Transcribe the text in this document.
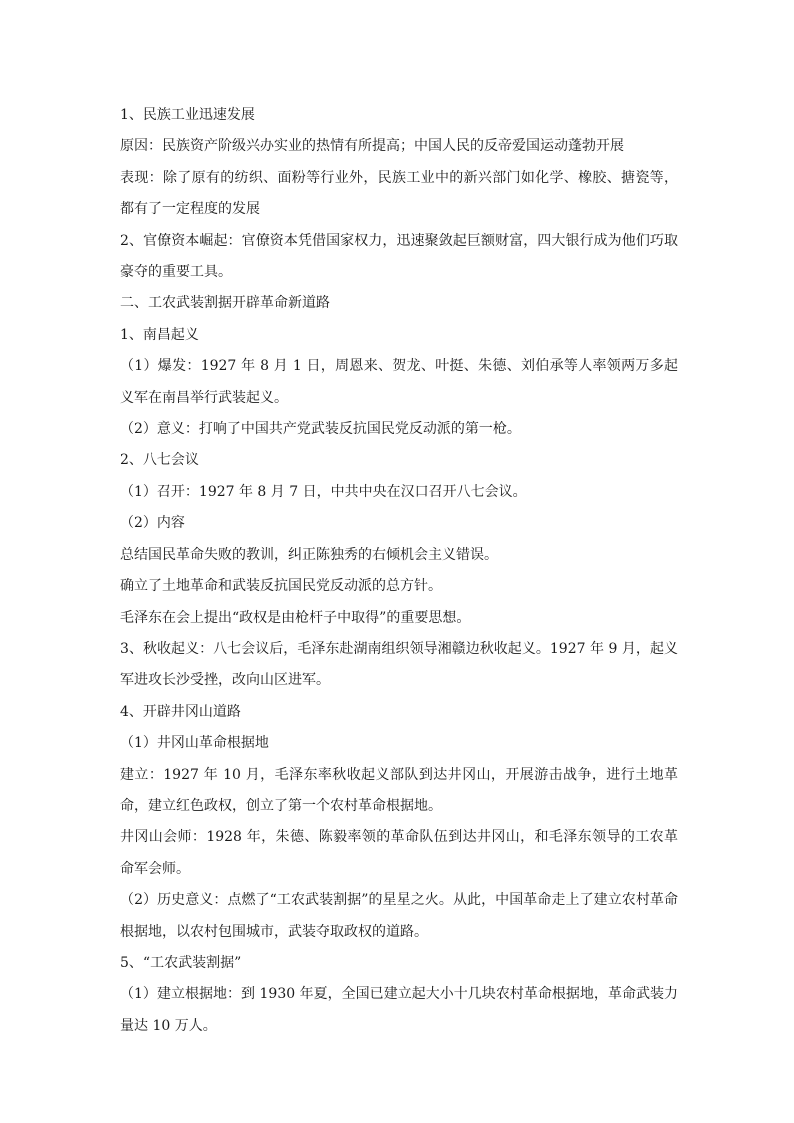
1、民族工业迅速发展

原因：民族资产阶级兴办实业的热情有所提高；中国人民的反帝爱国运动蓬勃开展

表现：除了原有的纺织、面粉等行业外，民族工业中的新兴部门如化学、橡胶、搪瓷等，都有了一定程度的发展

2、官僚资本崛起：官僚资本凭借国家权力，迅速聚敛起巨额财富，四大银行成为他们巧取豪夺的重要工具。

二、工农武装割据开辟革命新道路

1、南昌起义

（1）爆发：1927 年 8 月 1 日，周恩来、贺龙、叶挺、朱德、刘伯承等人率领两万多起义军在南昌举行武装起义。

（2）意义：打响了中国共产党武装反抗国民党反动派的第一枪。

2、八七会议

（1）召开：1927 年 8 月 7 日，中共中央在汉口召开八七会议。

（2）内容

总结国民革命失败的教训，纠正陈独秀的右倾机会主义错误。

确立了土地革命和武装反抗国民党反动派的总方针。

毛泽东在会上提出“政权是由枪杆子中取得”的重要思想。

3、秋收起义：八七会议后，毛泽东赴湖南组织领导湘赣边秋收起义。1927 年 9 月，起义军进攻长沙受挫，改向山区进军。

4、开辟井冈山道路

（1）井冈山革命根据地

建立：1927 年 10 月，毛泽东率秋收起义部队到达井冈山，开展游击战争，进行土地革命，建立红色政权，创立了第一个农村革命根据地。

井冈山会师：1928 年，朱德、陈毅率领的革命队伍到达井冈山，和毛泽东领导的工农革命军会师。

（2）历史意义：点燃了“工农武装割据”的星星之火。从此，中国革命走上了建立农村革命根据地，以农村包围城市，武装夺取政权的道路。

5、“工农武装割据”

（1）建立根据地：到 1930 年夏，全国已建立起大小十几块农村革命根据地，革命武装力量达 10 万人。
